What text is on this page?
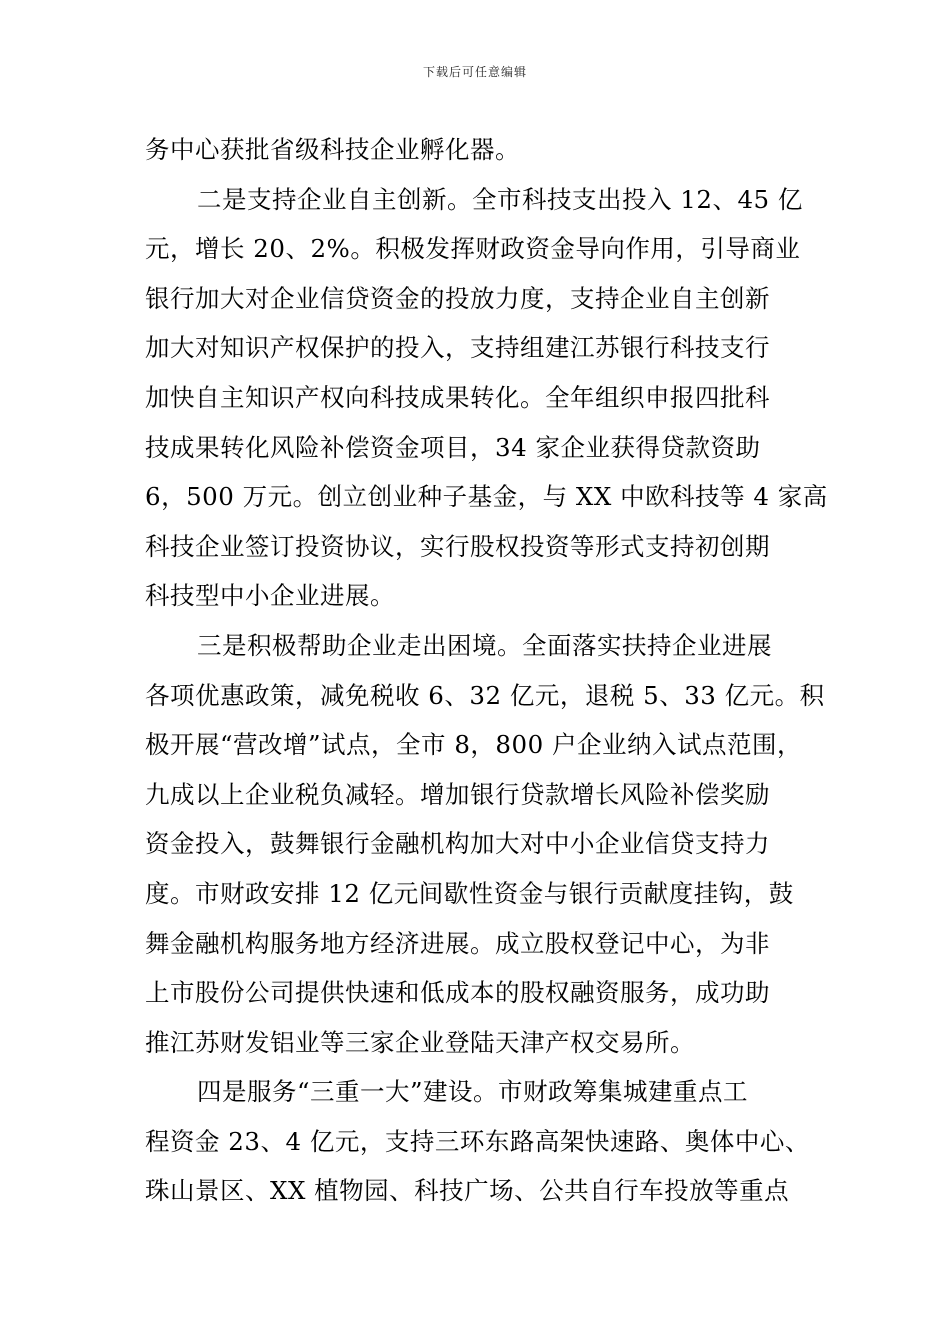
下载后可任意编辑
务中心获批省级科技企业孵化器。
二是支持企业自主创新。全市科技支出投入 12、45 亿
元，增长 20、2%。积极发挥财政资金导向作用，引导商业
银行加大对企业信贷资金的投放力度，支持企业自主创新
加大对知识产权保护的投入，支持组建江苏银行科技支行
加快自主知识产权向科技成果转化。全年组织申报四批科
技成果转化风险补偿资金项目，34 家企业获得贷款资助
6，500 万元。创立创业种子基金，与 XX 中欧科技等 4 家高
科技企业签订投资协议，实行股权投资等形式支持初创期
科技型中小企业进展。
三是积极帮助企业走出困境。全面落实扶持企业进展
各项优惠政策，减免税收 6、32 亿元，退税 5、33 亿元。积
极开展“营改增”试点，全市 8，800 户企业纳入试点范围，
九成以上企业税负减轻。增加银行贷款增长风险补偿奖励
资金投入，鼓舞银行金融机构加大对中小企业信贷支持力
度。市财政安排 12 亿元间歇性资金与银行贡献度挂钩，鼓
舞金融机构服务地方经济进展。成立股权登记中心，为非
上市股份公司提供快速和低成本的股权融资服务，成功助
推江苏财发铝业等三家企业登陆天津产权交易所。
四是服务“三重一大”建设。市财政筹集城建重点工
程资金 23、4 亿元，支持三环东路高架快速路、奥体中心、
珠山景区、XX 植物园、科技广场、公共自行车投放等重点
